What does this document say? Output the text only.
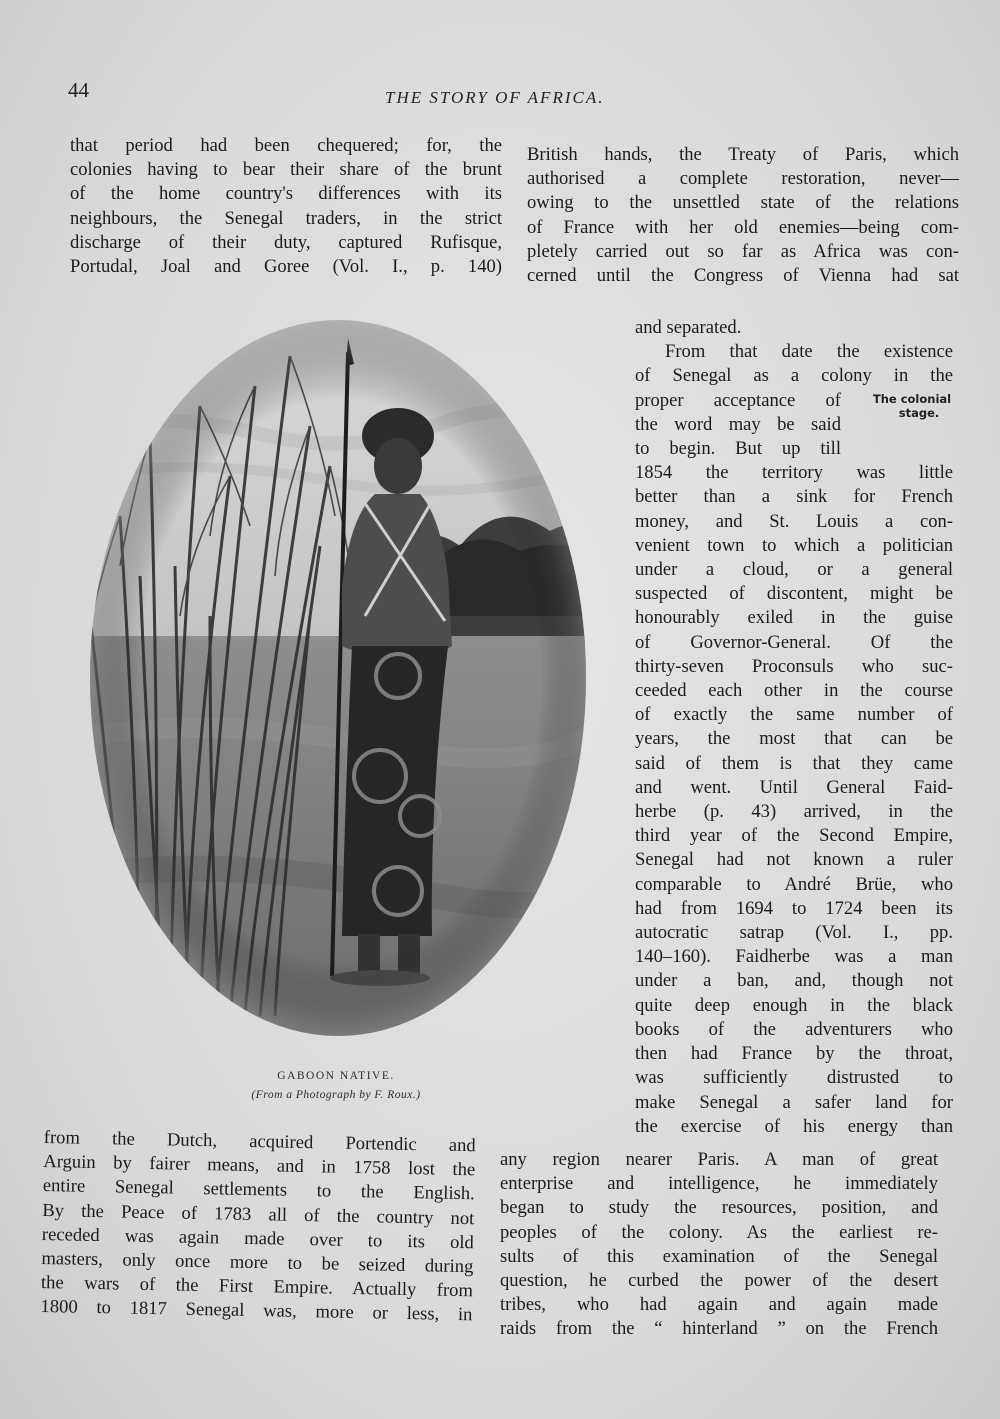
44	THE STORY OF AFRICA.
that period had been chequered; for, the
colonies having to bear their share of the brunt
of the home country's differences with its
neighbours, the Senegal traders, in the strict
discharge of their duty, captured Rufisque,
Portudal, Joal and Goree (Vol. I., p. 140)
British hands, the Treaty of Paris, which
authorised a complete restoration, never—
owing to the unsettled state of the relations
of France with her old enemies—being com-
pletely carried out so far as Africa was con-
cerned until the Congress of Vienna had sat
and separated.
From that date the existence
of Senegal as a colony in the
proper acceptance of
the word may be said
to begin. But up till
1854 the territory was little
better than a sink for French
money, and St. Louis a con-
venient town to which a politician
under a cloud, or a general
suspected of discontent, might be
honourably exiled in the guise
of Governor-General. Of the
thirty-seven Proconsuls who suc-
ceeded each other in the course
of exactly the same number of
years, the most that can be
said of them is that they came
and went. Until General Faid-
herbe (p. 43) arrived, in the
third year of the Second Empire,
Senegal had not known a ruler
comparable to André Brüe, who
had from 1694 to 1724 been its
autocratic satrap (Vol. I., pp.
140–160). Faidherbe was a man
under a ban, and, though not
quite deep enough in the black
books of the adventurers who
then had France by the throat,
was sufficiently distrusted to
make Senegal a safer land for
the exercise of his energy than
The colonial
stage.
GABOON NATIVE.
(From a Photograph by F. Roux.)
from the Dutch, acquired Portendic and
Arguin by fairer means, and in 1758 lost the
entire Senegal settlements to the English.
By the Peace of 1783 all of the country not
receded was again made over to its old
masters, only once more to be seized during
the wars of the First Empire. Actually from
1800 to 1817 Senegal was, more or less, in
any region nearer Paris. A man of great
enterprise and intelligence, he immediately
began to study the resources, position, and
peoples of the colony. As the earliest re-
sults of this examination of the Senegal
question, he curbed the power of the desert
tribes, who had again and again made
raids from the “ hinterland ” on the French
